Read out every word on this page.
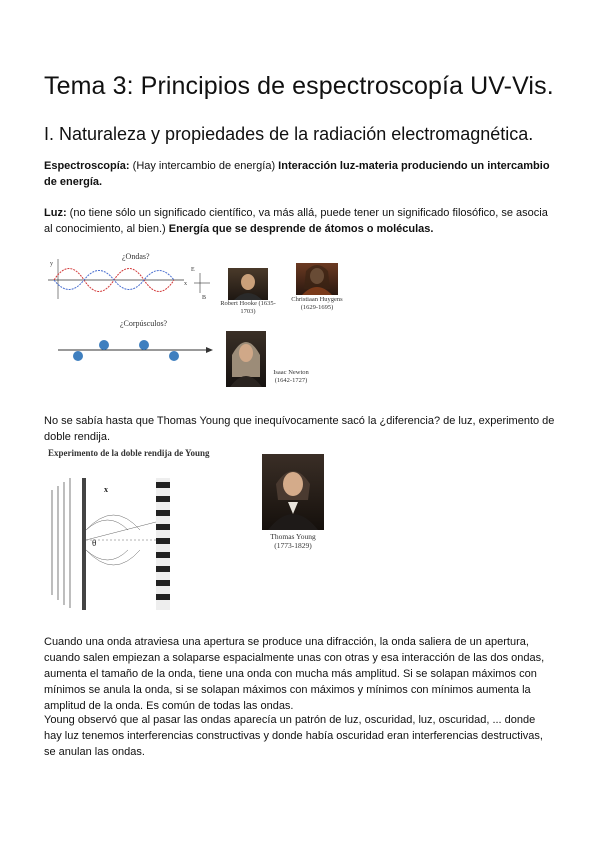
Tema 3: Principios de espectroscopía UV-Vis.
I. Naturaleza y propiedades de la radiación electromagnética.
Espectroscopía: (Hay intercambio de energía) Interacción luz-materia produciendo un intercambio de energía.
Luz: (no tiene sólo un significado científico, va más allá, puede tener un significado filosófico, se asocia al conocimiento, al bien.) Energía que se desprende de átomos o moléculas.
¿Ondas?
x
y
E
B
¿Corpúsculos?
Robert Hooke (1635-1703)
Christiaan Huygens (1629-1695)
Isaac Newton (1642-1727)
No se sabía hasta que Thomas Young que inequívocamente sacó la ¿diferencia? de luz, experimento de doble rendija.
Experimento de la doble rendija de Young
x
θ
Thomas Young (1773-1829)
Cuando una onda atraviesa una apertura se produce una difracción, la onda saliera de un apertura, cuando salen empiezan a solaparse espacialmente unas con otras y esa interacción de las dos ondas, aumenta el tamaño de la onda, tiene una onda con mucha más amplitud. Si se solapan máximos con mínimos se anula la onda, si se solapan máximos con máximos y mínimos con mínimos aumenta la amplitud de la onda. Es común de todas las ondas.
Young observó que al pasar las ondas aparecía un patrón de luz, oscuridad, luz, oscuridad, ... donde hay luz tenemos interferencias constructivas y donde había oscuridad eran interferencias destructivas, se anulan las ondas.
